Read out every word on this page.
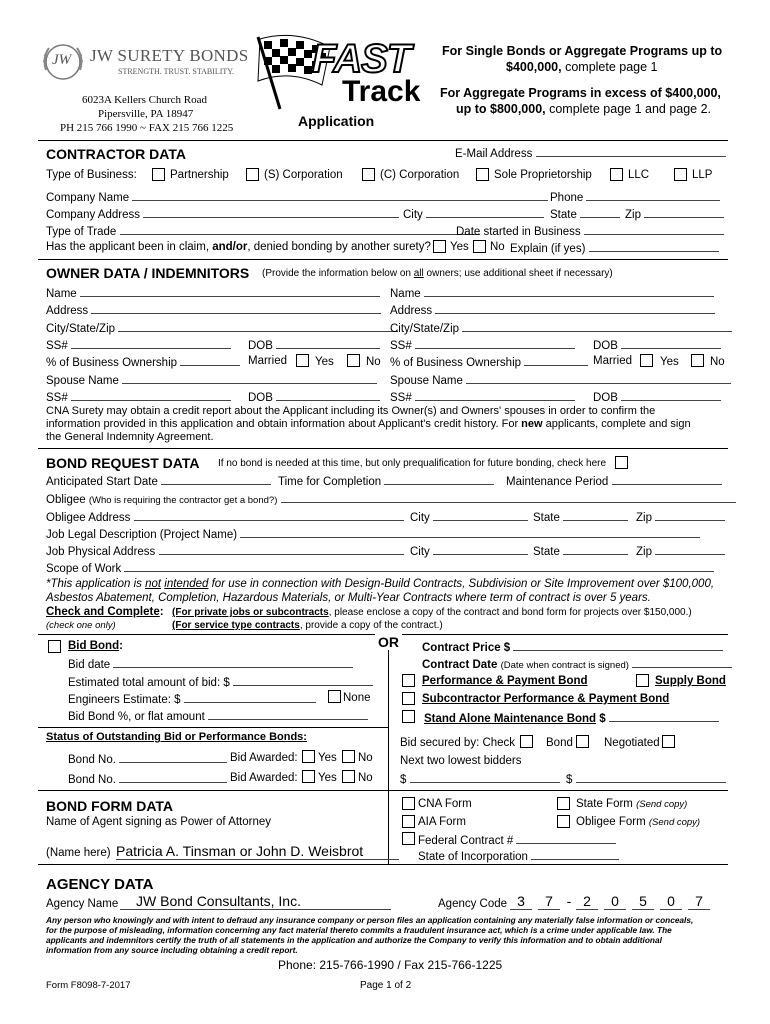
JW JW SURETY BONDS
STRENGTH. TRUST. STABILITY.
6023A Kellers Church Road
Pipersville, PA 18947
PH 215 766 1990 ~ FAX 215 766 1225
FAST
Track
Application
For Single Bonds or Aggregate Programs up to
$400,000, complete page 1
For Aggregate Programs in excess of $400,000,
up to $800,000, complete page 1 and page 2.
CONTRACTOR DATA	E-Mail Address
Type of Business:	Partnership	(S) Corporation	(C) Corporation	Sole Proprietorship	LLC	LLP
Company Name	Phone
Company Address	City	State	Zip
Type of Trade	Date started in Business
Has the applicant been in claim, and/or, denied bonding by another surety? Yes No Explain (if yes)
OWNER DATA / INDEMNITORS (Provide the information below on all owners; use additional sheet if necessary)
Name
Address
City/State/Zip
SS#	DOB
% of Business Ownership	Married Yes	No
Spouse Name
SS#	DOB
Name
Address
City/State/Zip
SS#	DOB
% of Business Ownership	Married Yes	No
Spouse Name
SS#	DOB
CNA Surety may obtain a credit report about the Applicant including its Owner(s) and Owners' spouses in order to confirm the
information provided in this application and obtain information about Applicant's credit history. For new applicants, complete and sign
the General Indemnity Agreement.
BOND REQUEST DATA If no bond is needed at this time, but only prequalification for future bonding, check here
Anticipated Start Date	Time for Completion	Maintenance Period
Obligee (Who is requiring the contractor get a bond?)
Obligee Address	City	State	Zip
Job Legal Description (Project Name)
Job Physical Address	City	State	Zip
Scope of Work
*This application is not intended for use in connection with Design-Build Contracts, Subdivision or Site Improvement over $100,000,
Asbestos Abatement, Completion, Hazardous Materials, or Multi-Year Contracts where term of contract is over 5 years.
Check and Complete: (For private jobs or subcontracts, please enclose a copy of the contract and bond form for projects over $150,000.)
(check one only)	(For service type contracts, provide a copy of the contract.)
OR
Bid Bond:
Bid date
Estimated total amount of bid: $
Engineers Estimate: $	None
Bid Bond %, or flat amount
Status of Outstanding Bid or Performance Bonds:
Bond No.	Bid Awarded: Yes No
Bond No.	Bid Awarded: Yes No
Contract Price $
Contract Date (Date when contract is signed)
Performance & Payment Bond	Supply Bond
Subcontractor Performance & Payment Bond
Stand Alone Maintenance Bond $
Bid secured by: Check	Bond	Negotiated
Next two lowest bidders
$	$
BOND FORM DATA
Name of Agent signing as Power of Attorney
(Name here) Patricia A. Tinsman or John D. Weisbrot
CNA Form
AIA Form
Federal Contract #
State of Incorporation
State Form (Send copy)
Obligee Form (Send copy)
AGENCY DATA
Agency Name	JW Bond Consultants, Inc.	Agency Code 3 7 - 2 0 5 0 7
Any person who knowingly and with intent to defraud any insurance company or person files an application containing any materially false information or conceals,
for the purpose of misleading, information concerning any fact material thereto commits a fraudulent insurance act, which is a crime under applicable law. The
applicants and indemnitors certify the truth of all statements in the application and authorize the Company to verify this information and to obtain additional
information from any source including obtaining a credit report.
Phone: 215-766-1990 / Fax 215-766-1225
Form F8098-7-2017	Page 1 of 2
